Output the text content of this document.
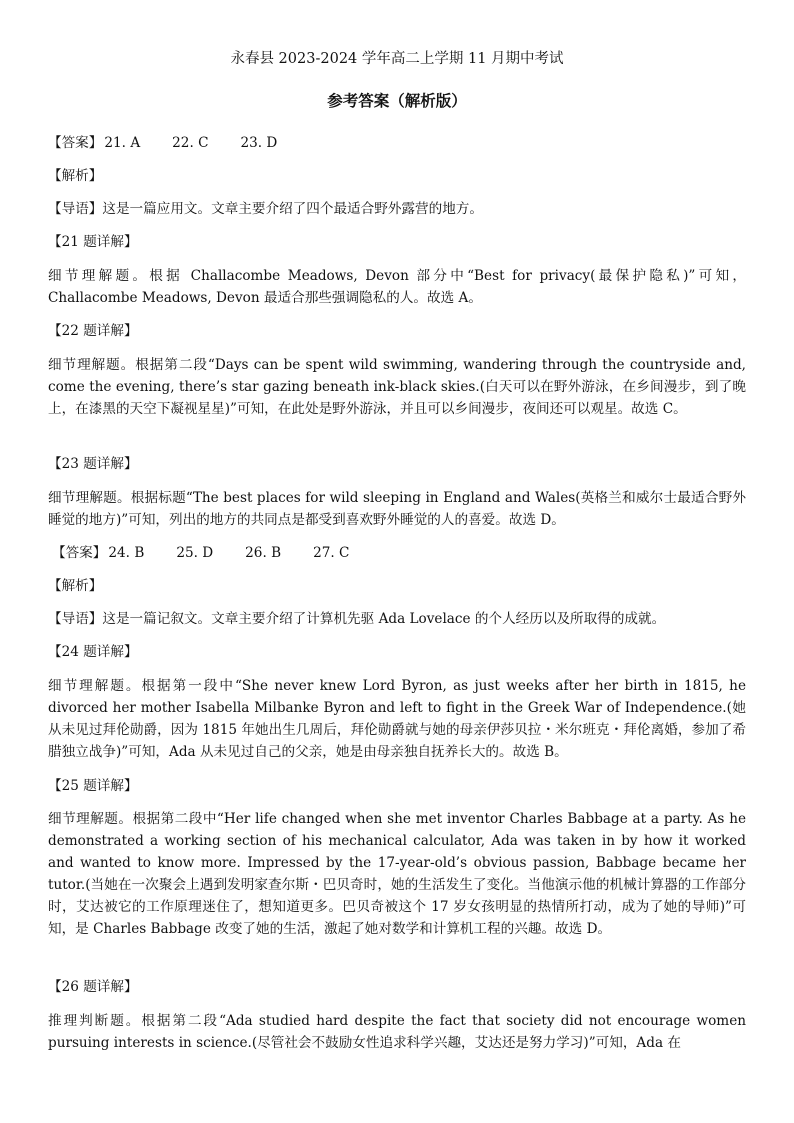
永春县 2023-2024 学年高二上学期 11 月期中考试
参考答案（解析版）
【答案】 21. A 22. C 23. D
【解析】
【导语】这是一篇应用文。文章主要介绍了四个最适合野外露营的地方。
【21 题详解】
细节理解题。根据 Challacombe Meadows, Devon 部分中“Best for privacy(最保护隐私)”可知，Challacombe Meadows, Devon 最适合那些强调隐私的人。故选 A。
【22 题详解】
细节理解题。根据第二段“Days can be spent wild swimming, wandering through the countryside and, come the evening, there’s star gazing beneath ink-black skies.(白天可以在野外游泳，在乡间漫步，到了晚上，在漆黑的天空下凝视星星)”可知，在此处是野外游泳，并且可以乡间漫步，夜间还可以观星。故选 C。
【23 题详解】
细节理解题。根据标题“The best places for wild sleeping in England and Wales(英格兰和威尔士最适合野外睡觉的地方)”可知，列出的地方的共同点是都受到喜欢野外睡觉的人的喜爱。故选 D。
【答案】 24. B 25. D 26. B 27. C
【解析】
【导语】这是一篇记叙文。文章主要介绍了计算机先驱 Ada Lovelace 的个人经历以及所取得的成就。
【24 题详解】
细节理解题。根据第一段中“She never knew Lord Byron, as just weeks after her birth in 1815, he divorced her mother Isabella Milbanke Byron and left to fight in the Greek War of Independence.(她从未见过拜伦勋爵，因为 1815 年她出生几周后，拜伦勋爵就与她的母亲伊莎贝拉・米尔班克・拜伦离婚，参加了希腊独立战争)”可知，Ada 从未见过自己的父亲，她是由母亲独自抚养长大的。故选 B。
【25 题详解】
细节理解题。根据第二段中“Her life changed when she met inventor Charles Babbage at a party. As he demonstrated a working section of his mechanical calculator, Ada was taken in by how it worked and wanted to know more. Impressed by the 17-year-old’s obvious passion, Babbage became her tutor.(当她在一次聚会上遇到发明家查尔斯・巴贝奇时，她的生活发生了变化。当他演示他的机械计算器的工作部分时，艾达被它的工作原理迷住了，想知道更多。巴贝奇被这个 17 岁女孩明显的热情所打动，成为了她的导师)”可知，是 Charles Babbage 改变了她的生活，激起了她对数学和计算机工程的兴趣。故选 D。
【26 题详解】
推理判断题。根据第二段“Ada studied hard despite the fact that society did not encourage women pursuing interests in science.(尽管社会不鼓励女性追求科学兴趣，艾达还是努力学习)”可知，Ada 在
